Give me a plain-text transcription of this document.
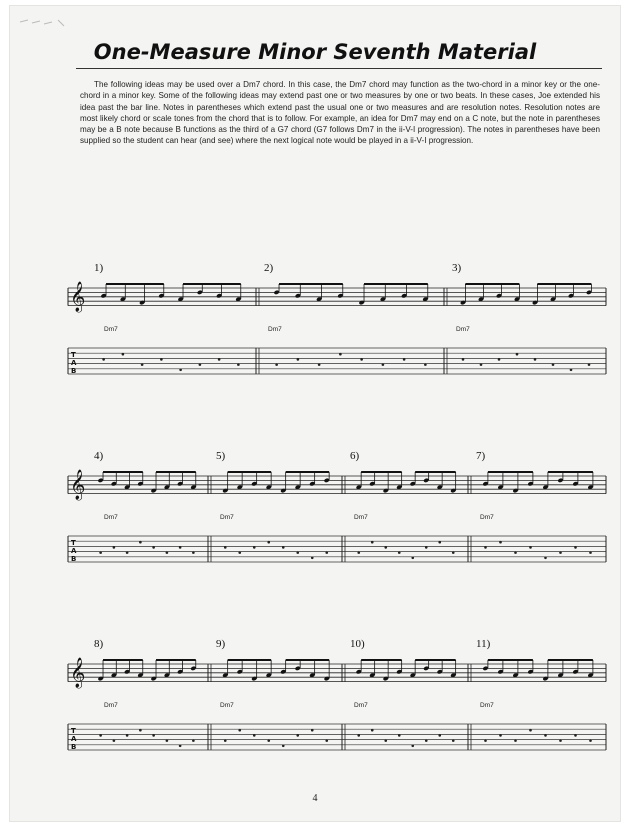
One-Measure Minor Seventh Material

The following ideas may be used over a Dm7 chord. In this case, the Dm7 chord may function as the two-chord in a minor key or the one-chord in a minor key. Some of the following ideas may extend past one or two measures by one or two beats. In these cases, Joe extended his idea past the bar line. Notes in parentheses which extend past the usual one or two measures and are resolution notes. Resolution notes are most likely chord or scale tones from the chord that is to follow. For example, an idea for Dm7 may end on a C note, but the note in parentheses may be a B note because B functions as the third of a G7 chord (G7 follows Dm7 in the ii-V-I progression). The notes in parentheses have been supplied so the student can hear (and see) where the next logical note would be played in a ii-V-I progression.

𝄞
T
A
B
1)
Dm7
2)
Dm7
3)
Dm7
𝄞
T
A
B
4)
Dm7
5)
Dm7
6)
Dm7
7)
Dm7
𝄞
T
A
B
8)
Dm7
9)
Dm7
10)
Dm7
11)
Dm7
4
